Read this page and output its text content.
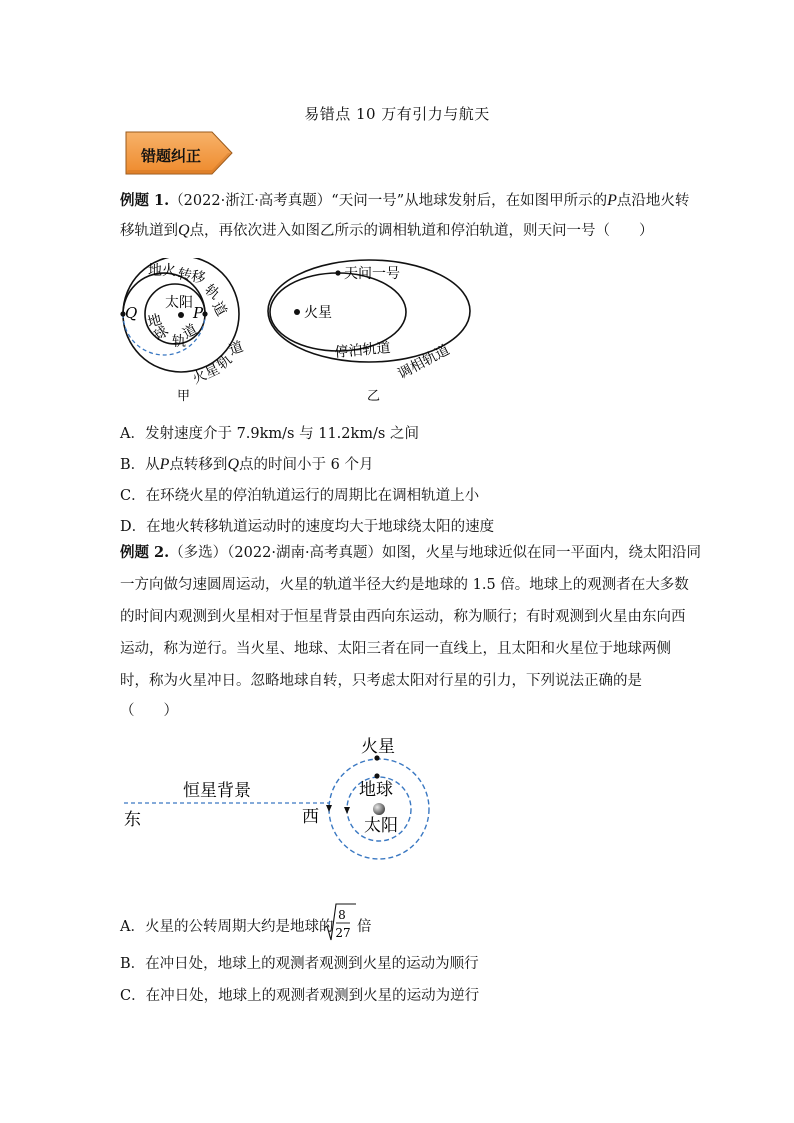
易错点 10 万有引力与航天
错题纠正
例题 1.（2022·浙江·高考真题）“天问一号”从地球发射后，在如图甲所示的P点沿地火转
移轨道到Q点，再依次进入如图乙所示的调相轨道和停泊轨道，则天问一号（　　）
地火 转移
轨
道
太阳
Q	P
地
球 轨
道
道
轨
火星
甲
天问一号
火星
停泊轨道 调相轨道
乙
A．发射速度介于 7.9km/s 与 11.2km/s 之间
B．从P点转移到Q点的时间小于 6 个月
C．在环绕火星的停泊轨道运行的周期比在调相轨道上小
D．在地火转移轨道运动时的速度均大于地球绕太阳的速度
例题 2.（多选）（2022·湖南·高考真题）如图，火星与地球近似在同一平面内，绕太阳沿同
一方向做匀速圆周运动，火星的轨道半径大约是地球的 1.5 倍。地球上的观测者在大多数
的时间内观测到火星相对于恒星背景由西向东运动，称为顺行；有时观测到火星由东向西
运动，称为逆行。当火星、地球、太阳三者在同一直线上，且太阳和火星位于地球两侧
时，称为火星冲日。忽略地球自转，只考虑太阳对行星的引力，下列说法正确的是
（　　）
火星
地球
太阳
恒星背景
东	西
A．火星的公转周期大约是地球的
8
27 倍
B．在冲日处，地球上的观测者观测到火星的运动为顺行
C．在冲日处，地球上的观测者观测到火星的运动为逆行
